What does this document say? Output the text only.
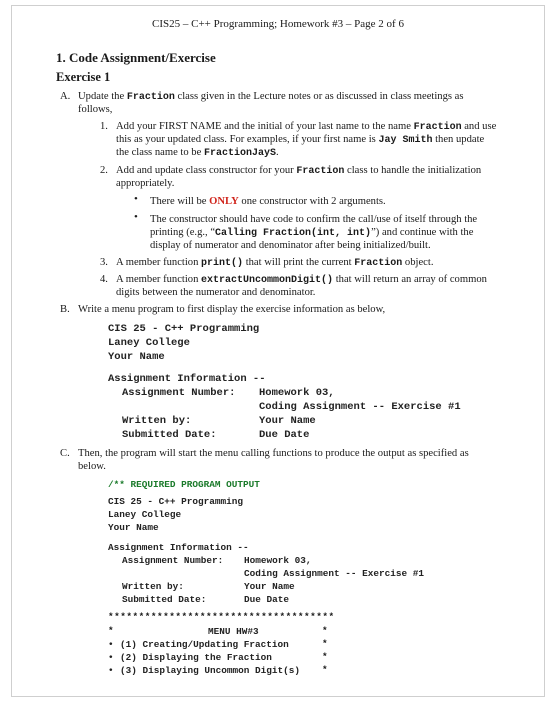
CIS25 – C++ Programming; Homework #3 – Page 2 of 6
1. Code Assignment/Exercise
Exercise 1
A. Update the Fraction class given in the Lecture notes or as discussed in class meetings as
follows,
1. Add your FIRST NAME and the initial of your last name to the name Fraction and use
this as your updated class. For examples, if your first name is Jay Smith then update
the class name to be FractionJayS.
2. Add and update class constructor for your Fraction class to handle the initialization
appropriately.
• There will be ONLY one constructor with 2 arguments.
• The constructor should have code to confirm the call/use of itself through the
printing (e.g., “Calling Fraction(int, int)”) and continue with the
display of numerator and denominator after being initialized/built.
3. A member function print() that will print the current Fraction object.
4. A member function extractUncommonDigit() that will return an array of common
digits between the numerator and denominator.
B. Write a menu program to first display the exercise information as below,
CIS 25 - C++ Programming
Laney College
Your Name
Assignment Information --
Assignment Number: Homework 03,
Coding Assignment -- Exercise #1
Written by:	Your Name
Submitted Date:	Due Date
C. Then, the program will start the menu calling functions to produce the output as specified as
below.
/** REQUIRED PROGRAM OUTPUT
CIS 25 - C++ Programming
Laney College
Your Name
Assignment Information --
Assignment Number: Homework 03,
Coding Assignment -- Exercise #1
Written by:	Your Name
Submitted Date:	Due Date
*************************************
*	MENU HW#3	*
• (1) Creating/Updating Fraction	*
• (2) Displaying the Fraction	*
• (3) Displaying Uncommon Digit(s) *
